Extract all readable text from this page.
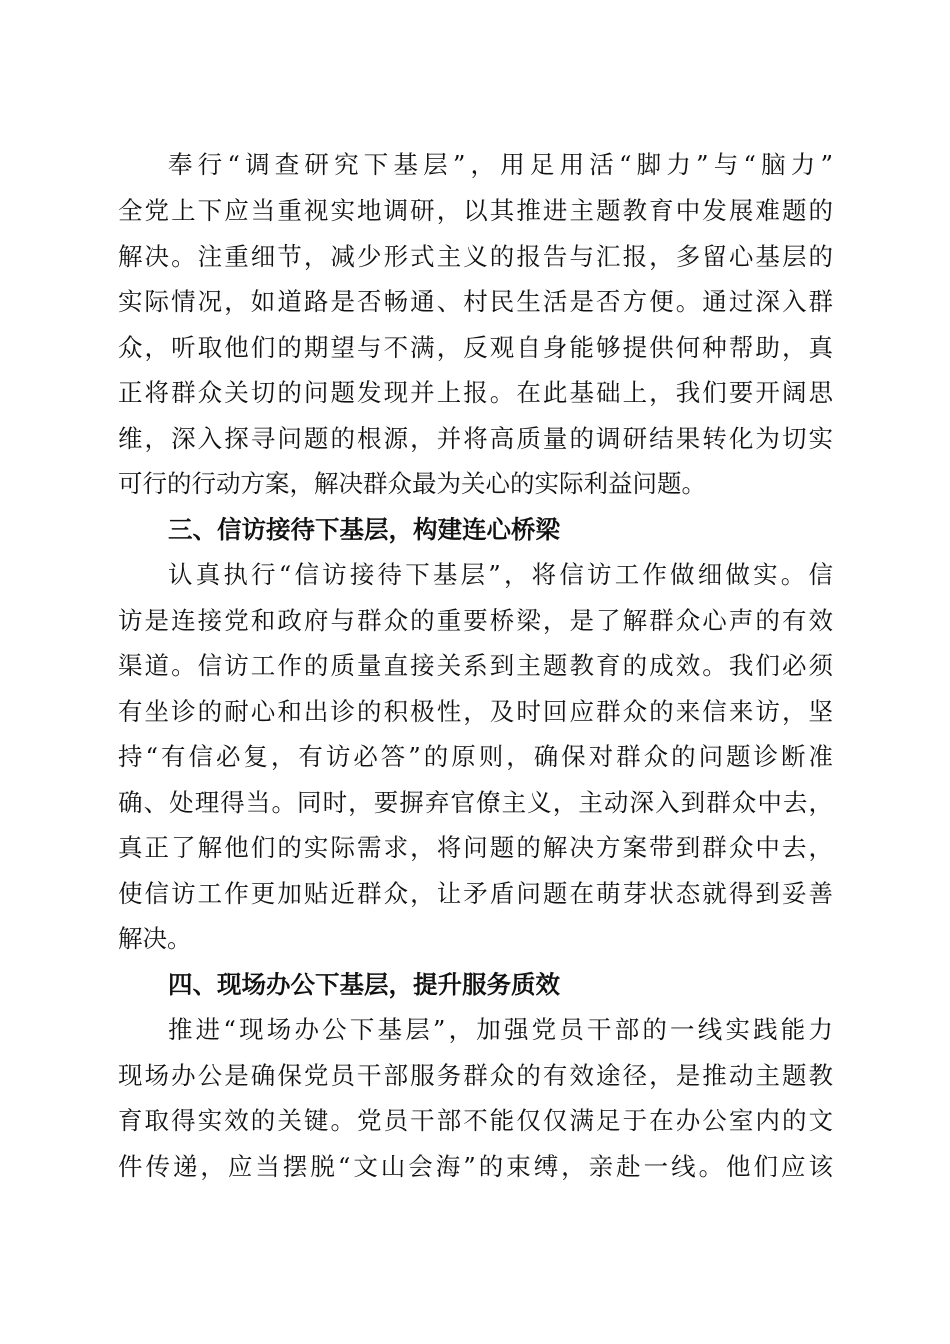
奉行“调查研究下基层”，用足用活“脚力”与“脑力”
全党上下应当重视实地调研，以其推进主题教育中发展难题的
解决。注重细节，减少形式主义的报告与汇报，多留心基层的
实际情况，如道路是否畅通、村民生活是否方便。通过深入群
众，听取他们的期望与不满，反观自身能够提供何种帮助，真
正将群众关切的问题发现并上报。在此基础上，我们要开阔思
维，深入探寻问题的根源，并将高质量的调研结果转化为切实
可行的行动方案，解决群众最为关心的实际利益问题。
三、信访接待下基层，构建连心桥梁
认真执行“信访接待下基层”，将信访工作做细做实。信
访是连接党和政府与群众的重要桥梁，是了解群众心声的有效
渠道。信访工作的质量直接关系到主题教育的成效。我们必须
有坐诊的耐心和出诊的积极性，及时回应群众的来信来访，坚
持“有信必复，有访必答”的原则，确保对群众的问题诊断准
确、处理得当。同时，要摒弃官僚主义，主动深入到群众中去，
真正了解他们的实际需求，将问题的解决方案带到群众中去，
使信访工作更加贴近群众，让矛盾问题在萌芽状态就得到妥善
解决。
四、现场办公下基层，提升服务质效
推进“现场办公下基层”，加强党员干部的一线实践能力
现场办公是确保党员干部服务群众的有效途径，是推动主题教
育取得实效的关键。党员干部不能仅仅满足于在办公室内的文
件传递，应当摆脱“文山会海”的束缚，亲赴一线。他们应该
